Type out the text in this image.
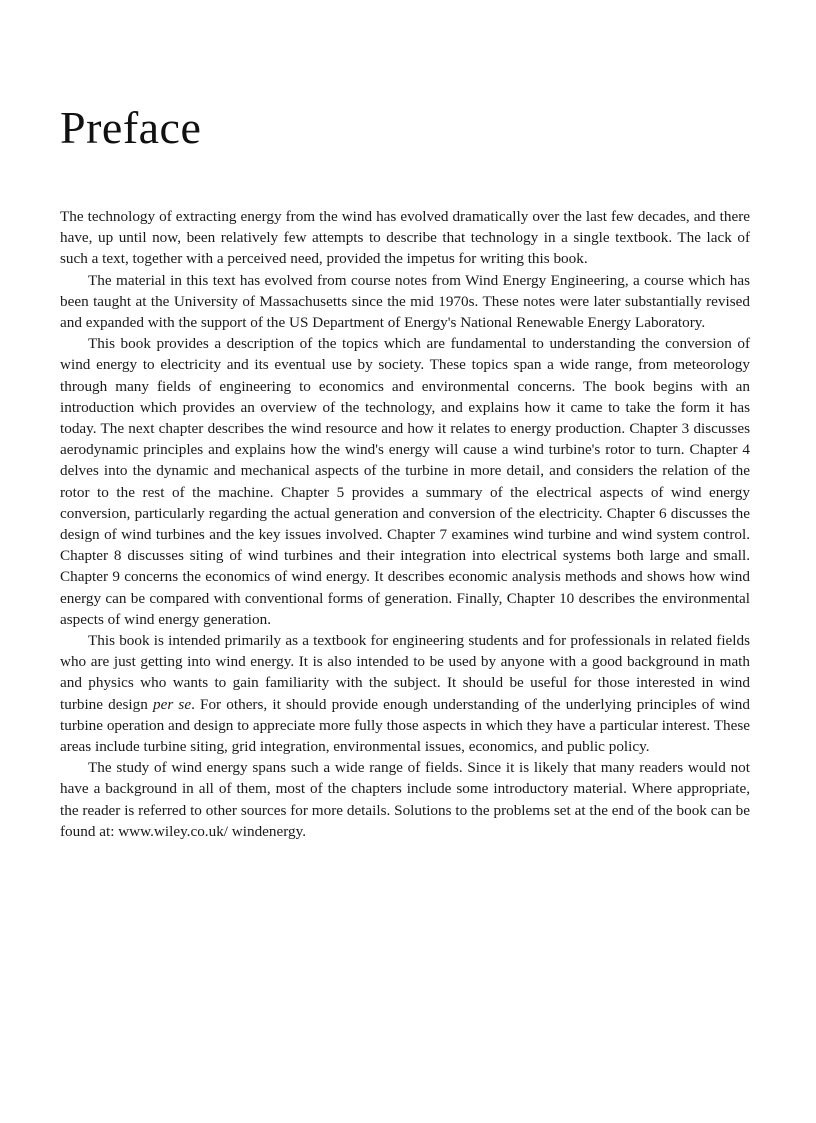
Preface

The technology of extracting energy from the wind has evolved dramatically over the last few decades, and there have, up until now, been relatively few attempts to describe that technology in a single textbook. The lack of such a text, together with a perceived need, provided the impetus for writing this book.

The material in this text has evolved from course notes from Wind Energy Engineering, a course which has been taught at the University of Massachusetts since the mid 1970s. These notes were later substantially revised and expanded with the support of the US Department of Energy's National Renewable Energy Laboratory.

This book provides a description of the topics which are fundamental to understanding the conversion of wind energy to electricity and its eventual use by society. These topics span a wide range, from meteorology through many fields of engineering to economics and environmental concerns. The book begins with an introduction which provides an overview of the technology, and explains how it came to take the form it has today. The next chapter describes the wind resource and how it relates to energy production. Chapter 3 discusses aerodynamic principles and explains how the wind's energy will cause a wind turbine's rotor to turn. Chapter 4 delves into the dynamic and mechanical aspects of the turbine in more detail, and considers the relation of the rotor to the rest of the machine. Chapter 5 provides a summary of the electrical aspects of wind energy conversion, particularly regarding the actual generation and conversion of the electricity. Chapter 6 discusses the design of wind turbines and the key issues involved. Chapter 7 examines wind turbine and wind system control. Chapter 8 discusses siting of wind turbines and their integration into electrical systems both large and small. Chapter 9 concerns the economics of wind energy. It describes economic analysis methods and shows how wind energy can be compared with conventional forms of generation. Finally, Chapter 10 describes the environmental aspects of wind energy generation.

This book is intended primarily as a textbook for engineering students and for professionals in related fields who are just getting into wind energy. It is also intended to be used by anyone with a good background in math and physics who wants to gain familiarity with the subject. It should be useful for those interested in wind turbine design per se. For others, it should provide enough understanding of the underlying principles of wind turbine operation and design to appreciate more fully those aspects in which they have a particular interest. These areas include turbine siting, grid integration, environmental issues, economics, and public policy.

The study of wind energy spans such a wide range of fields. Since it is likely that many readers would not have a background in all of them, most of the chapters include some introductory material. Where appropriate, the reader is referred to other sources for more details. Solutions to the problems set at the end of the book can be found at: www.wiley.co.uk/ windenergy.
